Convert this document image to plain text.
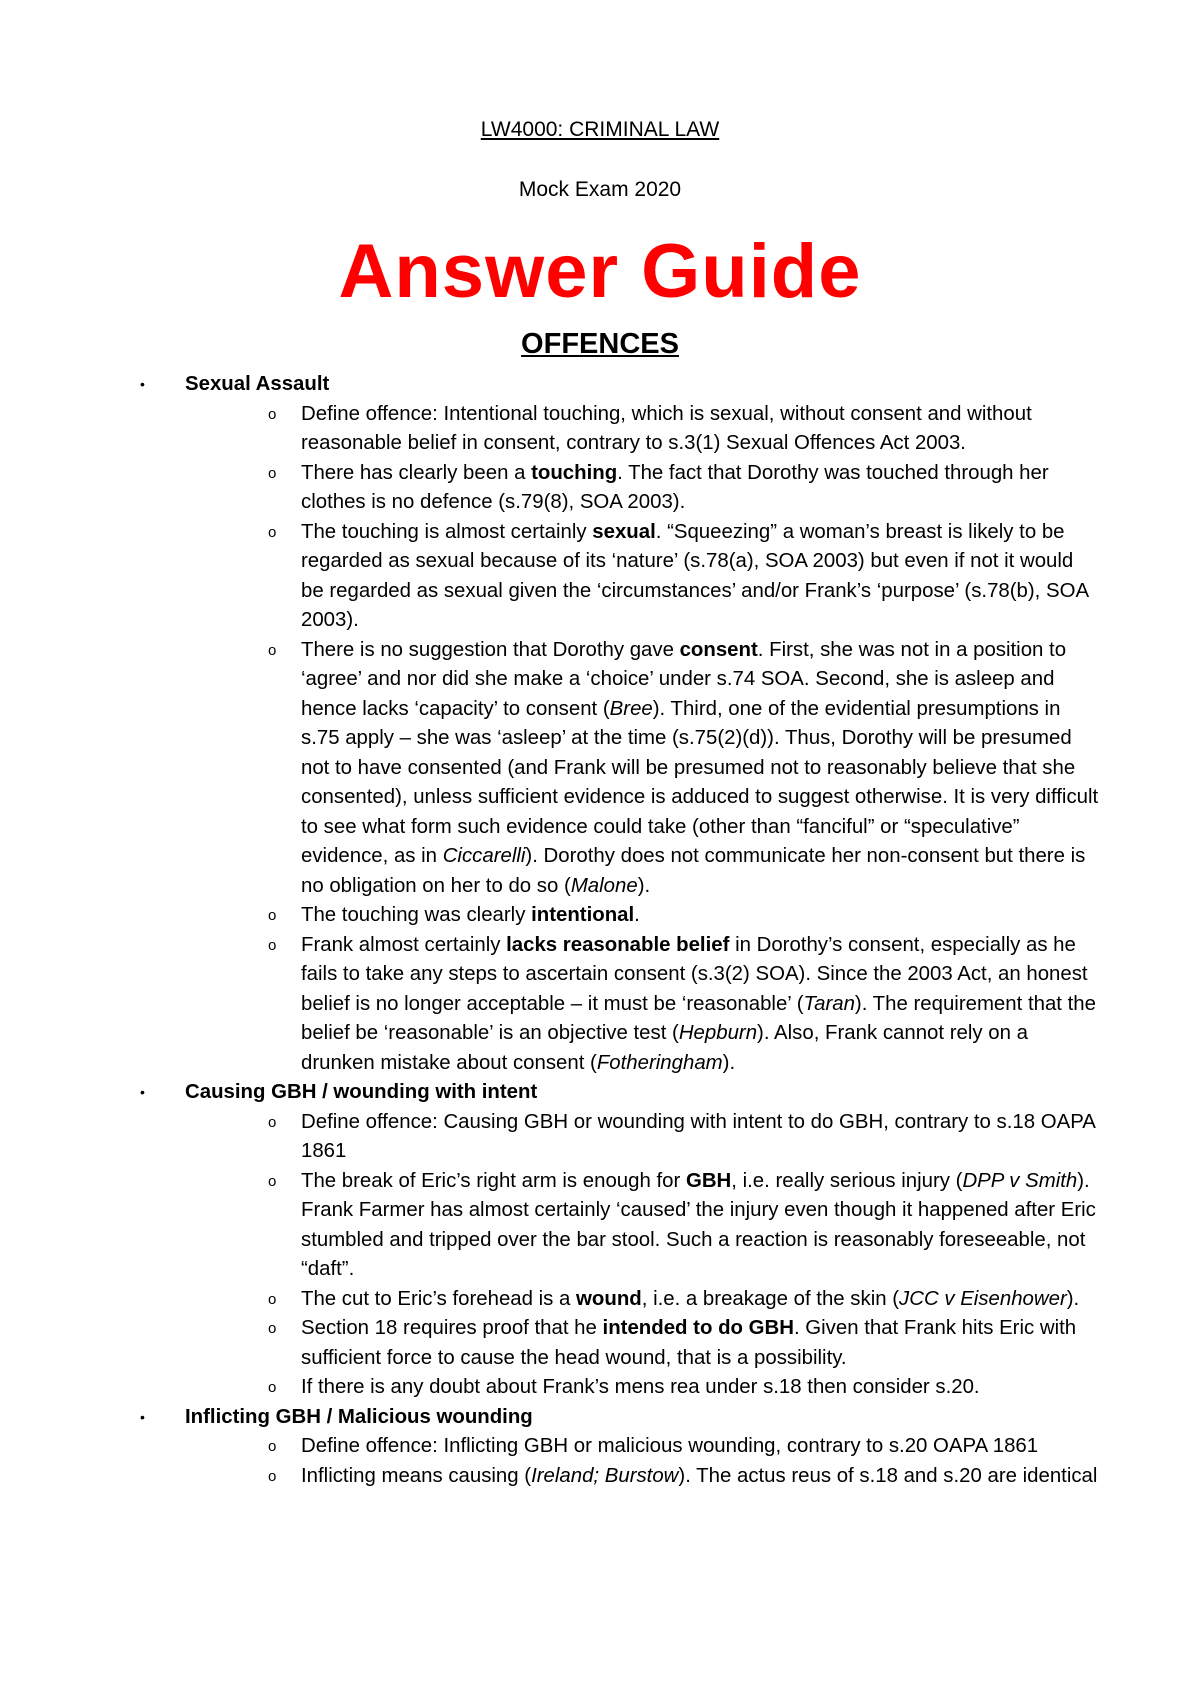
LW4000: CRIMINAL LAW
Mock Exam 2020
Answer Guide
OFFENCES
• Sexual Assault
o Define offence: Intentional touching, which is sexual, without consent and without reasonable belief in consent, contrary to s.3(1) Sexual Offences Act 2003.
o There has clearly been a touching. The fact that Dorothy was touched through her clothes is no defence (s.79(8), SOA 2003).
o The touching is almost certainly sexual. “Squeezing” a woman’s breast is likely to be regarded as sexual because of its ‘nature’ (s.78(a), SOA 2003) but even if not it would be regarded as sexual given the ‘circumstances’ and/or Frank’s ‘purpose’ (s.78(b), SOA 2003).
o There is no suggestion that Dorothy gave consent. First, she was not in a position to ‘agree’ and nor did she make a ‘choice’ under s.74 SOA. Second, she is asleep and hence lacks ‘capacity’ to consent (Bree). Third, one of the evidential presumptions in s.75 apply – she was ‘asleep’ at the time (s.75(2)(d)). Thus, Dorothy will be presumed not to have consented (and Frank will be presumed not to reasonably believe that she consented), unless sufficient evidence is adduced to suggest otherwise. It is very difficult to see what form such evidence could take (other than “fanciful” or “speculative” evidence, as in Ciccarelli). Dorothy does not communicate her non-consent but there is no obligation on her to do so (Malone).
o The touching was clearly intentional.
o Frank almost certainly lacks reasonable belief in Dorothy’s consent, especially as he fails to take any steps to ascertain consent (s.3(2) SOA). Since the 2003 Act, an honest belief is no longer acceptable – it must be ‘reasonable’ (Taran). The requirement that the belief be ‘reasonable’ is an objective test (Hepburn). Also, Frank cannot rely on a drunken mistake about consent (Fotheringham).
• Causing GBH / wounding with intent
o Define offence: Causing GBH or wounding with intent to do GBH, contrary to s.18 OAPA 1861
o The break of Eric’s right arm is enough for GBH, i.e. really serious injury (DPP v Smith). Frank Farmer has almost certainly ‘caused’ the injury even though it happened after Eric stumbled and tripped over the bar stool. Such a reaction is reasonably foreseeable, not “daft”.
o The cut to Eric’s forehead is a wound, i.e. a breakage of the skin (JCC v Eisenhower).
o Section 18 requires proof that he intended to do GBH. Given that Frank hits Eric with sufficient force to cause the head wound, that is a possibility.
o If there is any doubt about Frank’s mens rea under s.18 then consider s.20.
• Inflicting GBH / Malicious wounding
o Define offence: Inflicting GBH or malicious wounding, contrary to s.20 OAPA 1861
o Inflicting means causing (Ireland; Burstow). The actus reus of s.18 and s.20 are identical
